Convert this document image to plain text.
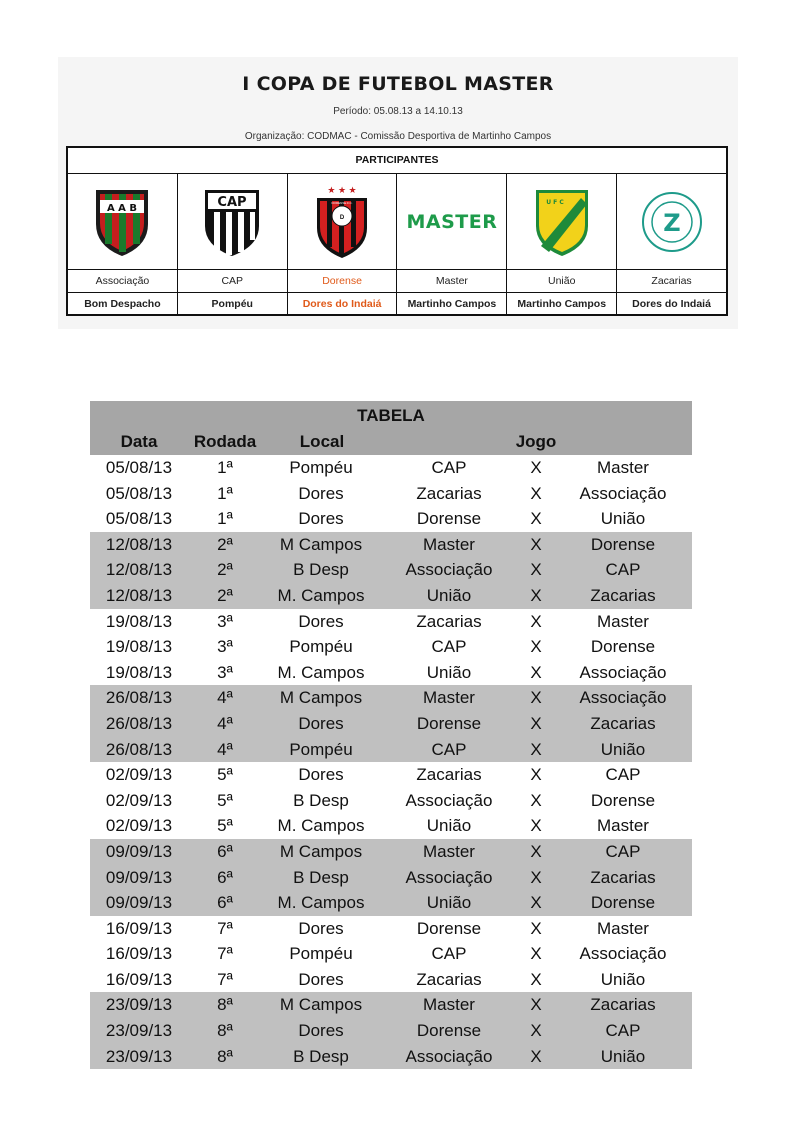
I COPA DE FUTEBOL MASTER
Período: 05.08.13 a 14.10.13
Organização: CODMAC - Comissão Desportiva de Martinho Campos
PARTICIPANTES
A A B	CAP
★ ★ ★
D
DORENSE F.C.
MASTER
U F C
Z
Associação	CAP	Dorense	Master	União	Zacarias
Bom Despacho	Pompéu	Dores do Indaiá	Martinho Campos	Martinho Campos	Dores do Indaiá
TABELA
Data	Rodada	Local	Jogo
05/08/13	1ª	Pompéu	CAP	X	Master
05/08/13	1ª	Dores	Zacarias	X	Associação
05/08/13	1ª	Dores	Dorense	X	União
12/08/13	2ª	M Campos	Master	X	Dorense
12/08/13	2ª	B Desp	Associação	X	CAP
12/08/13	2ª	M. Campos	União	X	Zacarias
19/08/13	3ª	Dores	Zacarias	X	Master
19/08/13	3ª	Pompéu	CAP	X	Dorense
19/08/13	3ª	M. Campos	União	X	Associação
26/08/13	4ª	M Campos	Master	X	Associação
26/08/13	4ª	Dores	Dorense	X	Zacarias
26/08/13	4ª	Pompéu	CAP	X	União
02/09/13	5ª	Dores	Zacarias	X	CAP
02/09/13	5ª	B Desp	Associação	X	Dorense
02/09/13	5ª	M. Campos	União	X	Master
09/09/13	6ª	M Campos	Master	X	CAP
09/09/13	6ª	B Desp	Associação	X	Zacarias
09/09/13	6ª	M. Campos	União	X	Dorense
16/09/13	7ª	Dores	Dorense	X	Master
16/09/13	7ª	Pompéu	CAP	X	Associação
16/09/13	7ª	Dores	Zacarias	X	União
23/09/13	8ª	M Campos	Master	X	Zacarias
23/09/13	8ª	Dores	Dorense	X	CAP
23/09/13	8ª	B Desp	Associação	X	União
